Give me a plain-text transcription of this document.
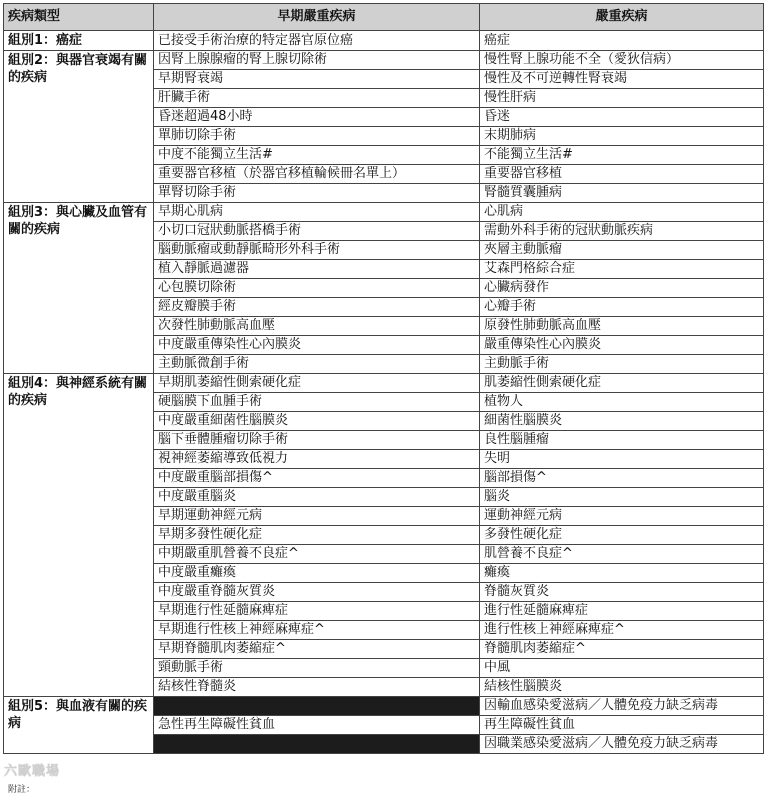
疾病類型	早期嚴重疾病	嚴重疾病
組別1：癌症	已接受手術治療的特定器官原位癌	癌症
組別2：與器官衰竭有關的疾病	因腎上腺腺瘤的腎上腺切除術	慢性腎上腺功能不全（愛狄信病）
	早期腎衰竭	慢性及不可逆轉性腎衰竭
	肝臟手術	慢性肝病
	昏迷超過48小時	昏迷
	單肺切除手術	末期肺病
	中度不能獨立生活#	不能獨立生活#
	重要器官移植（於器官移植輪候冊名單上）	重要器官移植
	單腎切除手術	腎髓質囊腫病
組別3：與心臟及血管有關的疾病	早期心肌病	心肌病
	小切口冠狀動脈搭橋手術	需動外科手術的冠狀動脈疾病
	腦動脈瘤或動靜脈畸形外科手術	夾層主動脈瘤
	植入靜脈過濾器	艾森門格綜合症
	心包膜切除術	心臟病發作
	經皮瓣膜手術	心瓣手術
	次發性肺動脈高血壓	原發性肺動脈高血壓
	中度嚴重傳染性心內膜炎	嚴重傳染性心內膜炎
	主動脈微創手術	主動脈手術
組別4：與神經系統有關的疾病	早期肌萎縮性側索硬化症	肌萎縮性側索硬化症
	硬腦膜下血腫手術	植物人
	中度嚴重細菌性腦膜炎	細菌性腦膜炎
	腦下垂體腫瘤切除手術	良性腦腫瘤
	視神經萎縮導致低視力	失明
	中度嚴重腦部損傷^	腦部損傷^
	中度嚴重腦炎	腦炎
	早期運動神經元病	運動神經元病
	早期多發性硬化症	多發性硬化症
	中期嚴重肌營養不良症^	肌營養不良症^
	中度嚴重癱瘓	癱瘓
	中度嚴重脊髓灰質炎	脊髓灰質炎
	早期進行性延髓麻痺症	進行性延髓麻痺症
	早期進行性核上神經麻痺症^	進行性核上神經麻痺症^
	早期脊髓肌肉萎縮症^	脊髓肌肉萎縮症^
	頸動脈手術	中風
	結核性脊髓炎	結核性腦膜炎
組別5：與血液有關的疾病		因輸血感染愛滋病／人體免疫力缺乏病毒
	急性再生障礙性貧血	再生障礙性貧血
		因職業感染愛滋病／人體免疫力缺乏病毒
六歐職場
附註：
